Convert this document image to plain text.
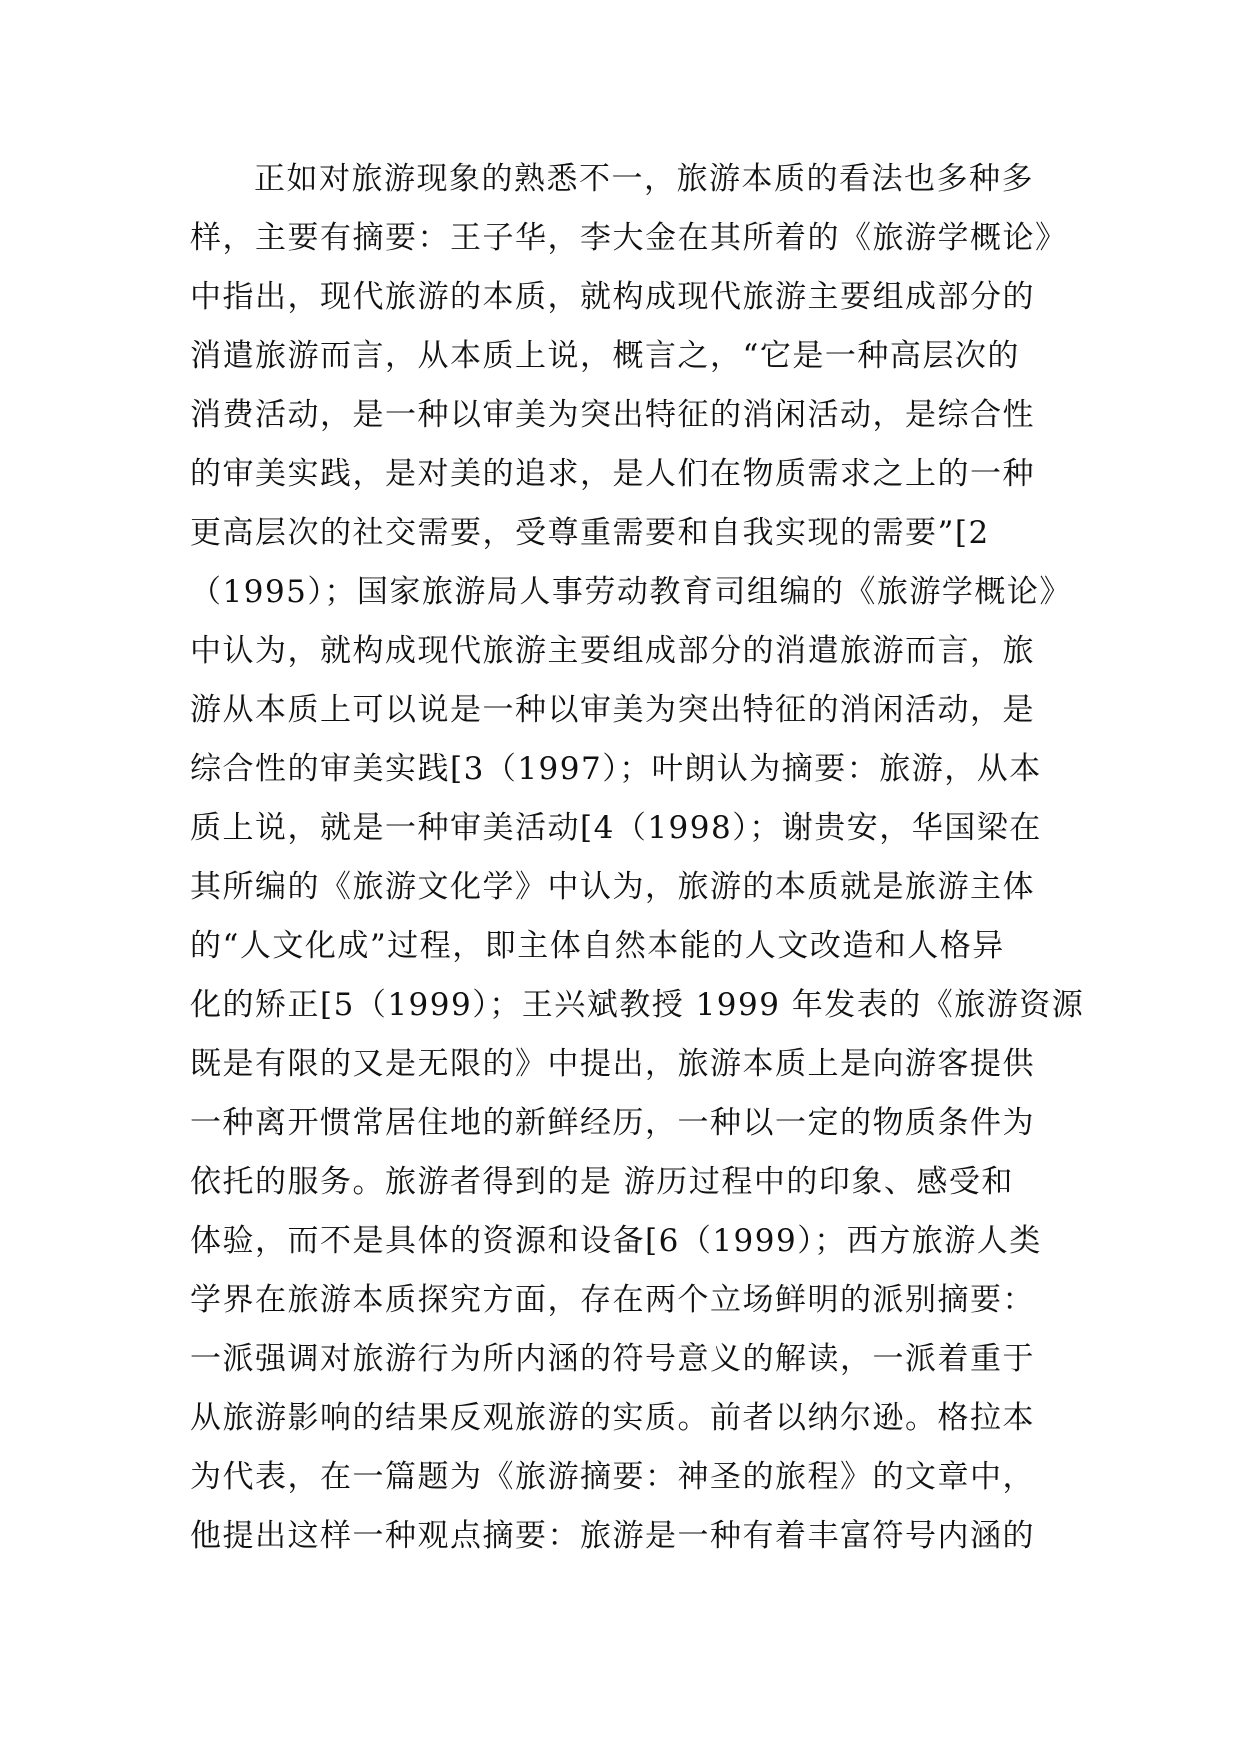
正如对旅游现象的熟悉不一，旅游本质的看法也多种多
样，主要有摘要：王子华，李大金在其所着的《旅游学概论》
中指出，现代旅游的本质，就构成现代旅游主要组成部分的
消遣旅游而言，从本质上说，概言之，“它是一种高层次的
消费活动，是一种以审美为突出特征的消闲活动，是综合性
的审美实践，是对美的追求，是人们在物质需求之上的一种
更高层次的社交需要，受尊重需要和自我实现的需要”[2
（1995）；国家旅游局人事劳动教育司组编的《旅游学概论》
中认为，就构成现代旅游主要组成部分的消遣旅游而言，旅
游从本质上可以说是一种以审美为突出特征的消闲活动，是
综合性的审美实践[3（1997）；叶朗认为摘要：旅游，从本
质上说，就是一种审美活动[4（1998）；谢贵安，华国梁在
其所编的《旅游文化学》中认为，旅游的本质就是旅游主体
的“人文化成”过程，即主体自然本能的人文改造和人格异
化的矫正[5（1999）；王兴斌教授 1999 年发表的《旅游资源
既是有限的又是无限的》中提出，旅游本质上是向游客提供
一种离开惯常居住地的新鲜经历，一种以一定的物质条件为
依托的服务。旅游者得到的是 游历过程中的印象、感受和
体验，而不是具体的资源和设备[6（1999）；西方旅游人类
学界在旅游本质探究方面，存在两个立场鲜明的派别摘要：
一派强调对旅游行为所内涵的符号意义的解读，一派着重于
从旅游影响的结果反观旅游的实质。前者以纳尔逊。格拉本
为代表，在一篇题为《旅游摘要：神圣的旅程》的文章中，
他提出这样一种观点摘要：旅游是一种有着丰富符号内涵的
